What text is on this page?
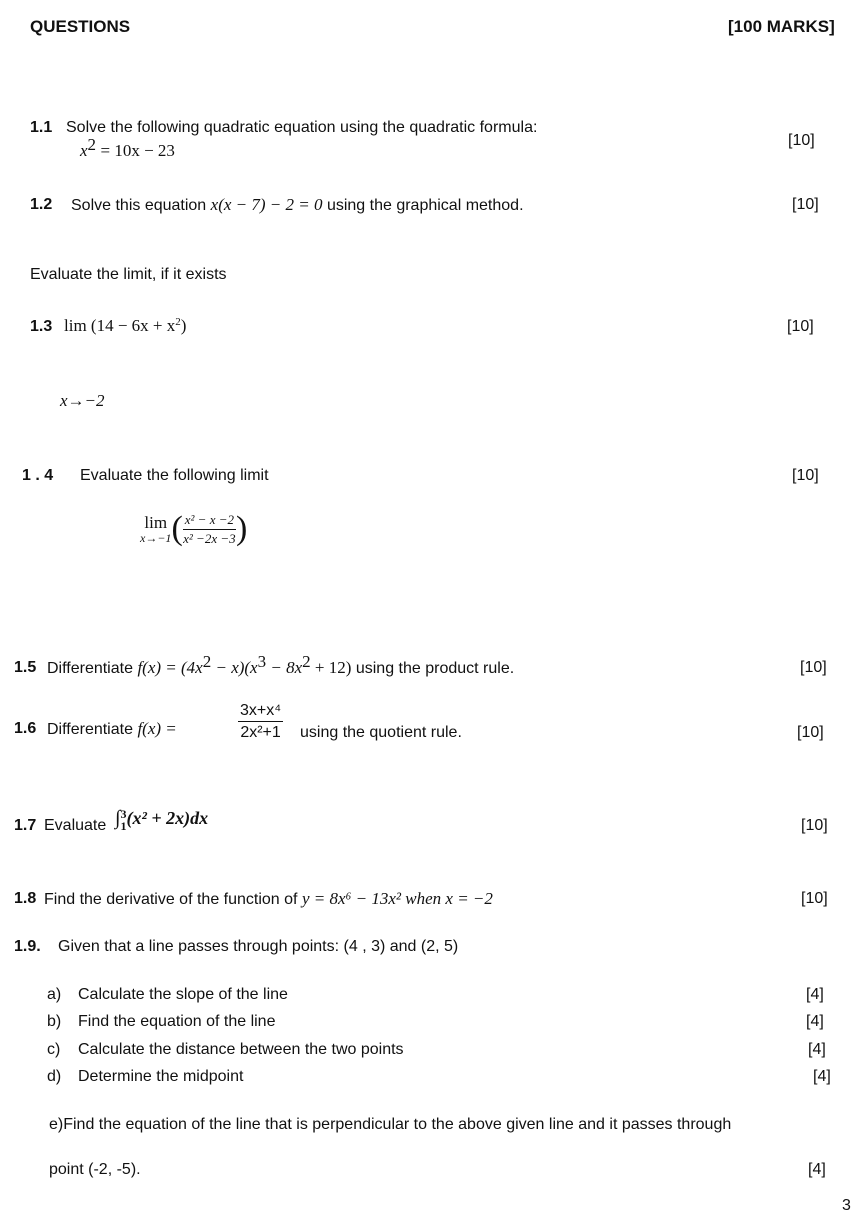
QUESTIONS	[100 MARKS]
1.1 Solve the following quadratic equation using the quadratic formula:
$x^2 = 10x - 23$
[10]
1.2 Solve this equation x(x − 7) − 2 = 0 using the graphical method.	[10]
Evaluate the limit, if it exists
1.3 $\lim (14 - 6x + x^2)$	[10]
x→−2
1 . 4 Evaluate the following limit	[10]
lim
x→−1 ( $\frac{\text{x² − x −2}}{\text{x² −2x −3}}$ )
1.5 Differentiate $f(x) = (4x^2 - x)(x^3 - 8x^2 + 12)$ using the product rule.	[10]
1.6 Differentiate f(x) =	$\frac{\text{3x+x⁴}}{\text{2x²+1}}$ using the quotient rule.	[10]
1.7 Evaluate ∫ 3
1 (x² + 2x)dx	[10]
1.8 Find the derivative of the function of y = 8x⁶ − 13x² when x = −2	[10]
1.9. Given that a line passes through points: (4 , 3) and (2, 5)
a) Calculate the slope of the line	[4]
b) Find the equation of the line	[4]
c) Calculate the distance between the two points	[4]
d) Determine the midpoint	[4]
e)Find the equation of the line that is perpendicular to the above given line and it passes through
point (-2, -5).	[4]
3
